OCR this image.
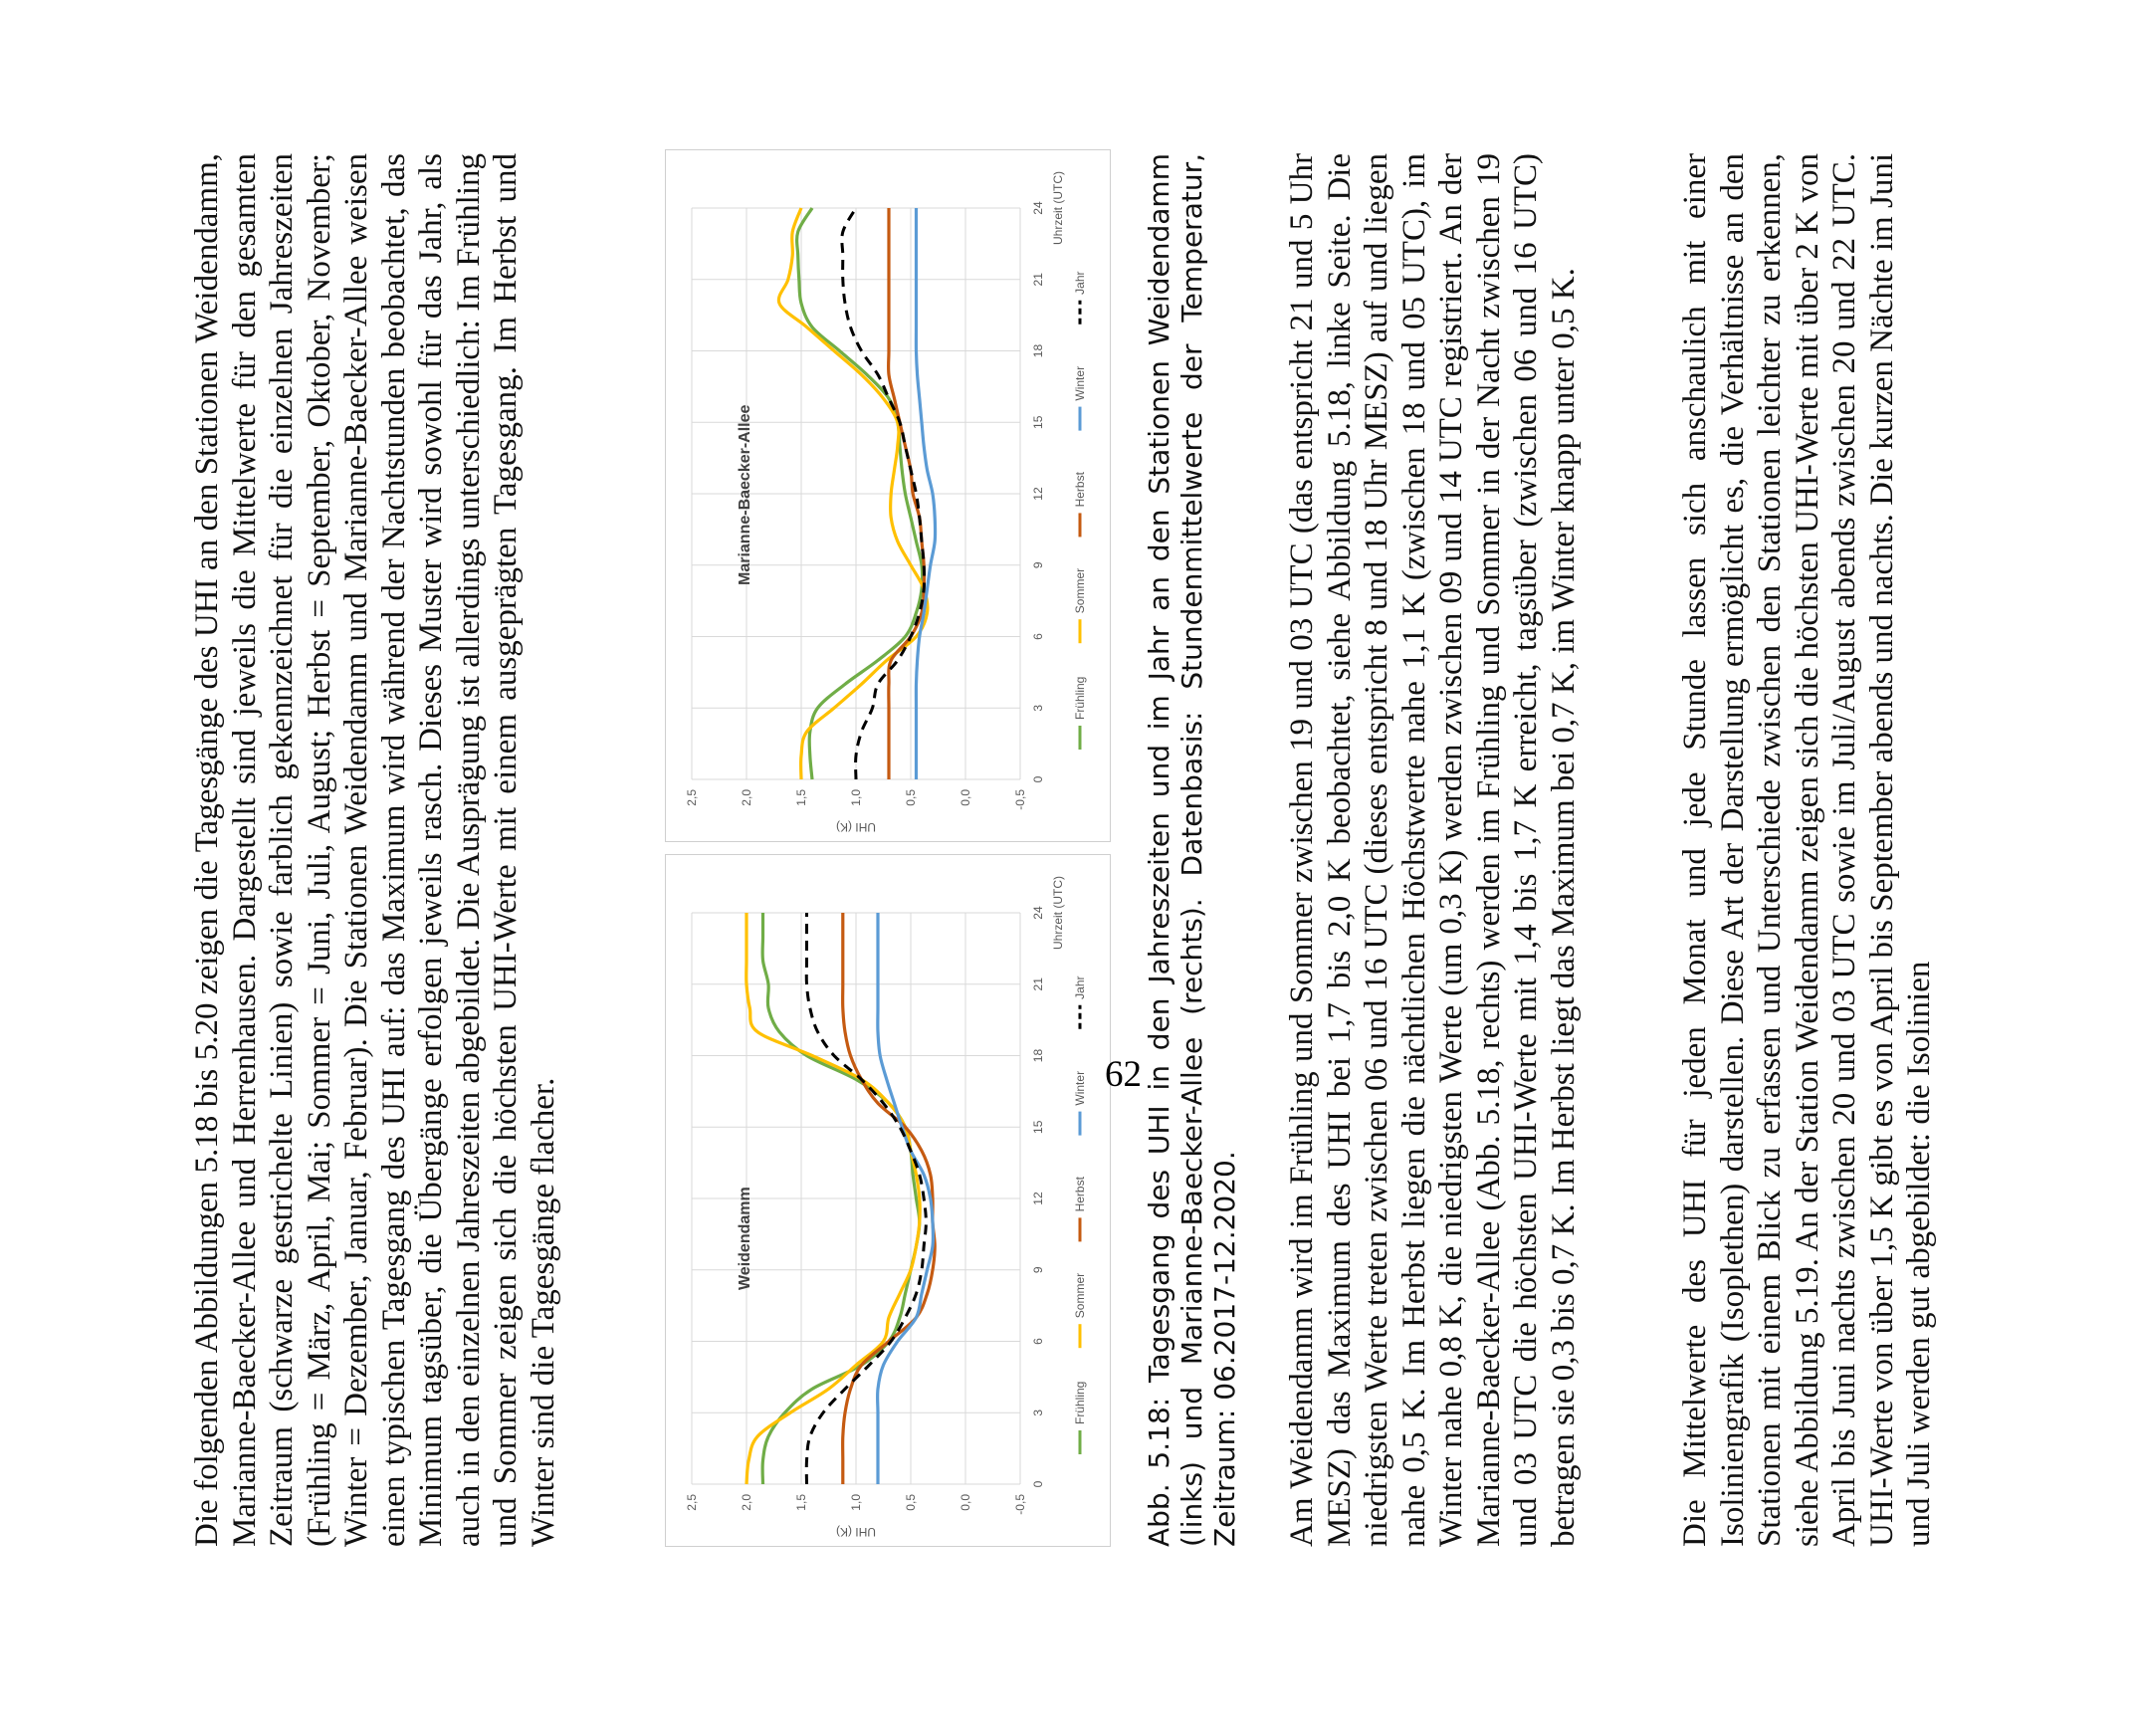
Die folgenden Abbildungen 5.18 bis 5.20 zeigen die Tagesgänge des UHI an den Stationen Weidendamm, Marianne-Baecker-Allee und Herrenhausen. Dargestellt sind jeweils die Mittelwerte für den gesamten Zeitraum (schwarze gestrichelte Linien) sowie farblich gekennzeichnet für die einzelnen Jahreszeiten (Frühling = März, April, Mai; Sommer = Juni, Juli, August; Herbst = September, Oktober, November; Winter = Dezember, Januar, Februar). Die Stationen Weidendamm und Marianne-Baecker-Allee weisen einen typischen Tagesgang des UHI auf: das Maximum wird während der Nachtstunden beobachtet, das Minimum tagsüber, die Übergänge erfolgen jeweils rasch. Dieses Muster wird sowohl für das Jahr, als auch in den einzelnen Jahreszeiten abgebildet. Die Ausprägung ist allerdings unterschiedlich: Im Frühling und Sommer zeigen sich die höchsten UHI-Werte mit einem ausgeprägten Tagesgang. Im Herbst und Winter sind die Tagesgänge flacher.	0
3
6
9
12
15
18
21
24
-0,5
0,0
0,5
1,0
1,5
2,0
2,5
UHI (K)
Uhrzeit (UTC)
Weidendamm
Frühling
Sommer
Herbst
Winter
Jahr
0
3
6
9
12
15
18
21
24
-0,5
0,0
0,5
1,0
1,5
2,0
2,5
UHI (K)
Uhrzeit (UTC)
Marianne-Baecker-Allee
Frühling
Sommer
Herbst
Winter
Jahr Abb. 5.18: Tagesgang des UHI in den Jahreszeiten und im Jahr an den Stationen Weidendamm (links) und Marianne-Baecker-Allee (rechts). Datenbasis: Stundenmittelwerte der Temperatur, Zeitraum: 06.2017-12.2020. Am Weidendamm wird im Frühling und Sommer zwischen 19 und 03 UTC (das entspricht 21 und 5 Uhr MESZ) das Maximum des UHI bei 1,7 bis 2,0 K beobachtet, siehe Abbildung 5.18, linke Seite. Die niedrigsten Werte treten zwischen 06 und 16 UTC (dieses entspricht 8 und 18 Uhr MESZ) auf und liegen nahe 0,5 K. Im Herbst liegen die nächtlichen Höchstwerte nahe 1,1 K (zwischen 18 und 05 UTC), im Winter nahe 0,8 K, die niedrigsten Werte (um 0,3 K) werden zwischen 09 und 14 UTC registriert. An der Marianne-Baecker-Allee (Abb. 5.18, rechts) werden im Frühling und Sommer in der Nacht zwischen 19 und 03 UTC die höchsten UHI-Werte mit 1,4 bis 1,7 K erreicht, tagsüber (zwischen 06 und 16 UTC) betragen sie 0,3 bis 0,7 K. Im Herbst liegt das Maximum bei 0,7 K, im Winter knapp unter 0,5 K.	Die Mittelwerte des UHI für jeden Monat und jede Stunde lassen sich anschaulich mit einer Isoliniengrafik (Isoplethen) darstellen. Diese Art der Darstellung ermöglicht es, die Verhältnisse an den Stationen mit einem Blick zu erfassen und Unterschiede zwischen den Stationen leichter zu erkennen, siehe Abbildung 5.19. An der Station Weidendamm zeigen sich die höchsten UHI-Werte mit über 2 K von April bis Juni nachts zwischen 20 und 03 UTC sowie im Juli/August abends zwischen 20 und 22 UTC. UHI-Werte von über 1,5 K gibt es von April bis September abends und nachts. Die kurzen Nächte im Juni und Juli werden gut abgebildet: die Isolinien

62
